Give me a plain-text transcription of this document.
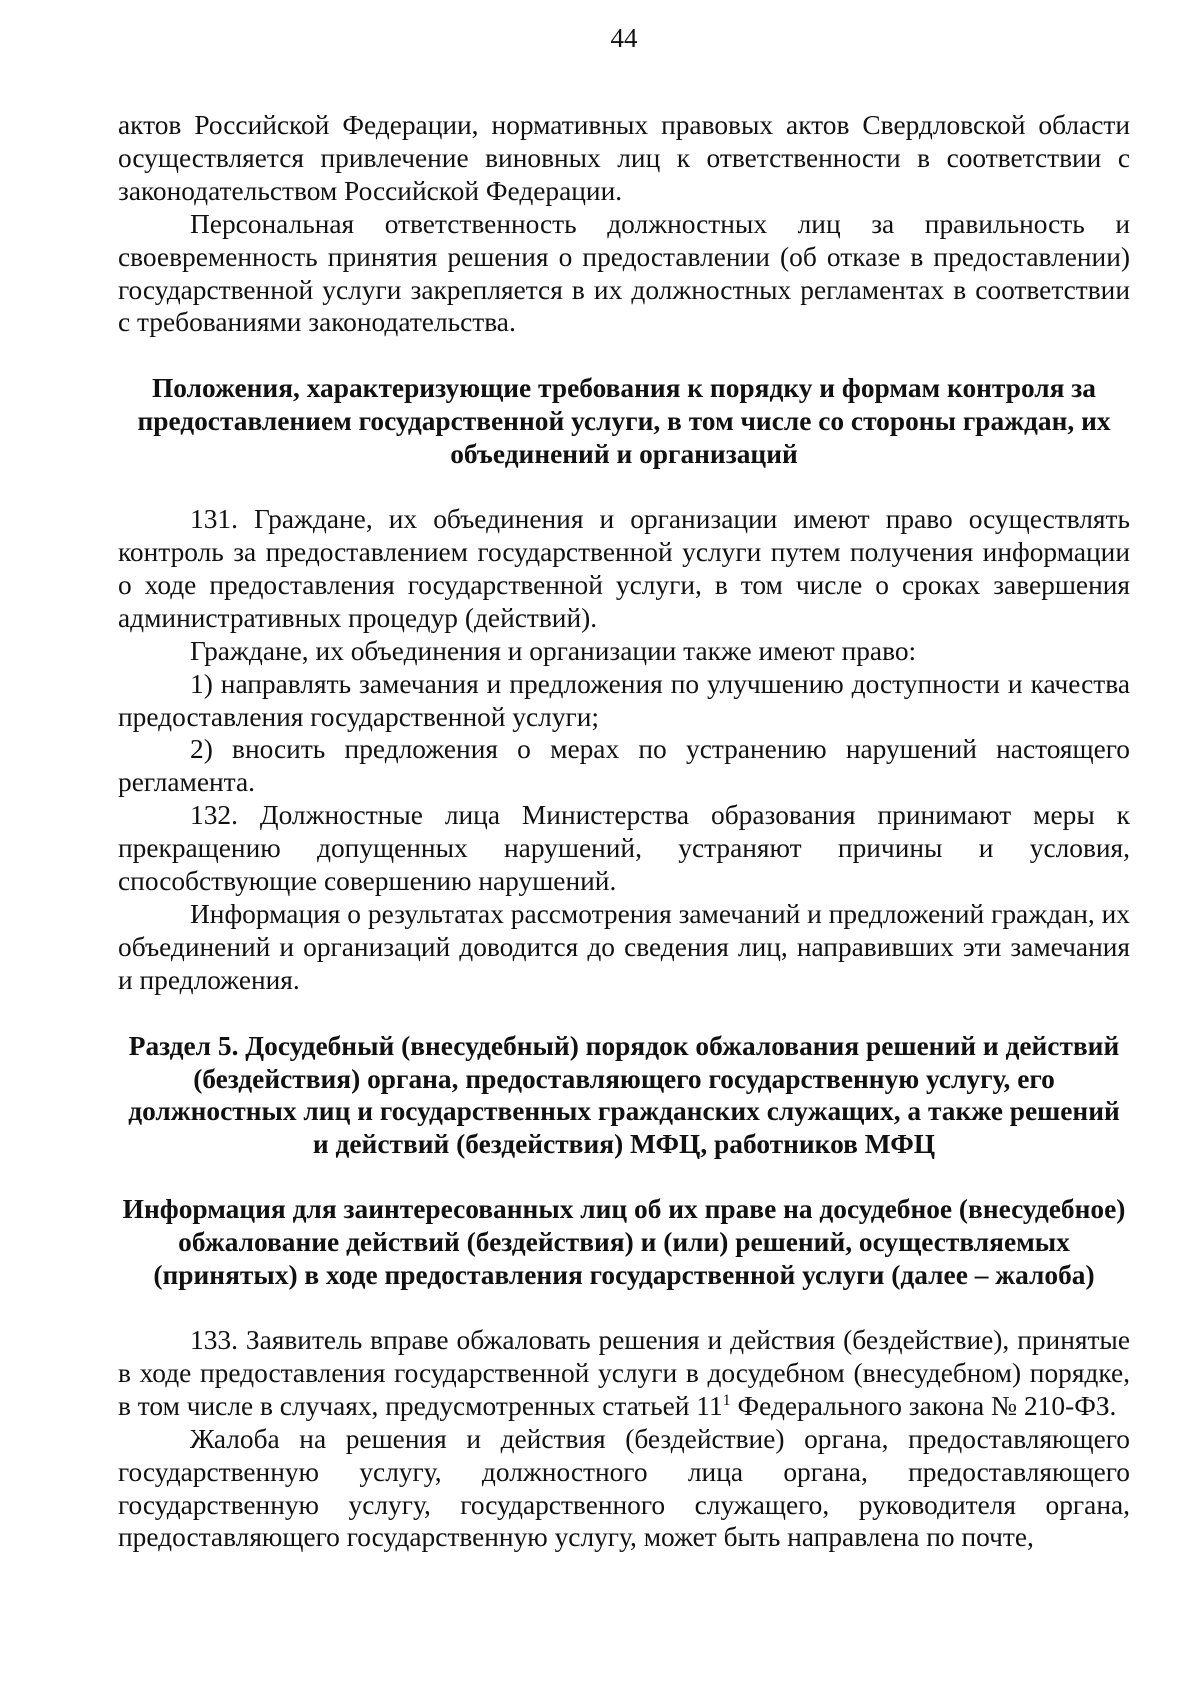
44

актов Российской Федерации, нормативных правовых актов Свердловской области осуществляется привлечение виновных лиц к ответственности в соответствии с законодательством Российской Федерации.

Персональная ответственность должностных лиц за правильность и своевременность принятия решения о предоставлении (об отказе в предоставлении) государственной услуги закрепляется в их должностных регламентах в соответствии с требованиями законодательства.

Положения, характеризующие требования к порядку и формам контроля за предоставлением государственной услуги, в том числе со стороны граждан, их объединений и организаций

131. Граждане, их объединения и организации имеют право осуществлять контроль за предоставлением государственной услуги путем получения информации о ходе предоставления государственной услуги, в том числе о сроках завершения административных процедур (действий).

Граждане, их объединения и организации также имеют право:

1) направлять замечания и предложения по улучшению доступности и качества предоставления государственной услуги;

2) вносить предложения о мерах по устранению нарушений настоящего регламента.

132. Должностные лица Министерства образования принимают меры к прекращению допущенных нарушений, устраняют причины и условия, способствующие совершению нарушений.

Информация о результатах рассмотрения замечаний и предложений граждан, их объединений и организаций доводится до сведения лиц, направивших эти замечания и предложения.

Раздел 5. Досудебный (внесудебный) порядок обжалования решений и действий (бездействия) органа, предоставляющего государственную услугу, его должностных лиц и государственных гражданских служащих, а также решений и действий (бездействия) МФЦ, работников МФЦ
Информация для заинтересованных лиц об их праве на досудебное (внесудебное) обжалование действий (бездействия) и (или) решений, осуществляемых (принятых) в ходе предоставления государственной услуги (далее – жалоба)

133. Заявитель вправе обжаловать решения и действия (бездействие), принятые в ходе предоставления государственной услуги в досудебном (внесудебном) порядке, в том числе в случаях, предусмотренных статьей $11^1$ Федерального закона № 210-ФЗ.

Жалоба на решения и действия (бездействие) органа, предоставляющего государственную услугу, должностного лица органа, предоставляющего государственную услугу, государственного служащего, руководителя органа, предоставляющего государственную услугу, может быть направлена по почте,
